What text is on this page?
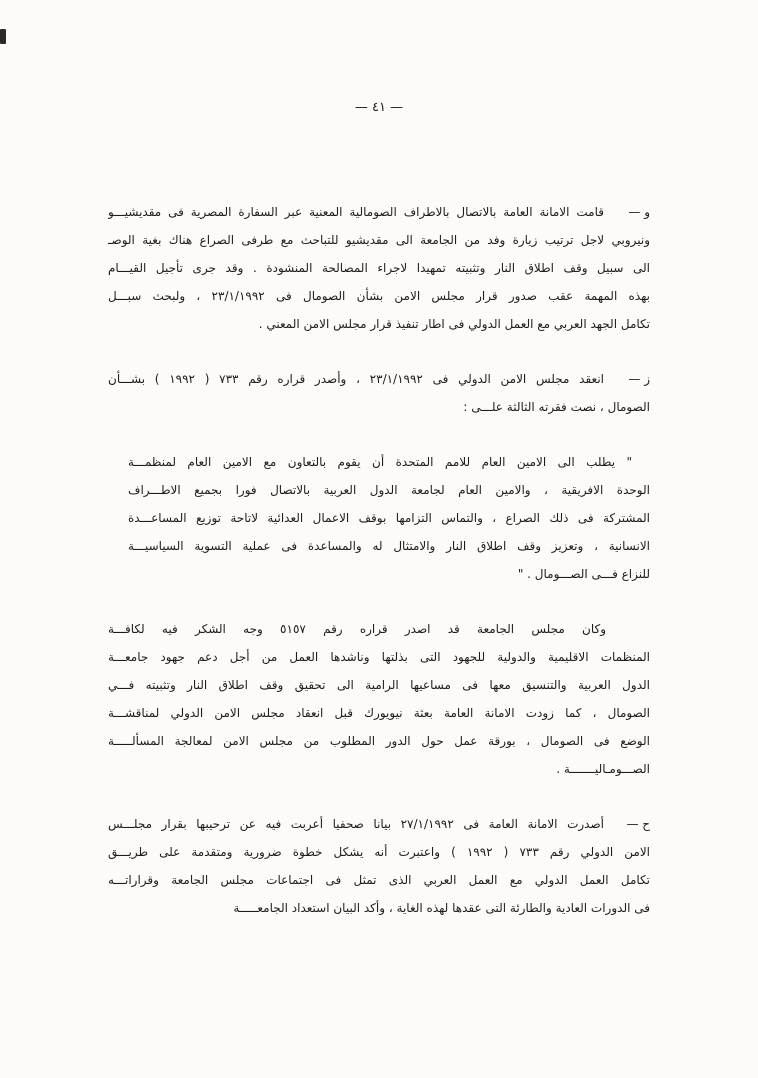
— ٤١ —
و —
قامت الامانة العامة بالاتصال بالاطراف الصومالية المعنية عبر السفارة المصرية فى مقديشيـــو
ونيروبي لاجل ترتيب زيارة وفد من الجامعة الى مقديشيو للتباحث مع طرفى الصراع هناك بغية الوصـ
الى سبيل وقف اطلاق النار وتثبيته تمهيدا لاجراء المصالحة المنشودة . وقد جرى تأجيل القيـــام
بهذه المهمة عقب صدور قرار مجلس الامن بشأن الصومال فى ٢٣/١/١٩٩٢ ، ولبحث سبـــل
تكامل الجهد العربي مع العمل الدولي فى اطار تنفيذ قرار مجلس الامن المعني .
ز —
انعقد مجلس الامن الدولي فى ٢٣/١/١٩٩٢ ، وأصدر قراره رقم ٧٣٣ ( ١٩٩٢ ) بشـــأن
الصومال ، نصت فقرته الثالثة علـــى :
" يطلب الى الامين العام للامم المتحدة أن يقوم بالتعاون مع الامين العام لمنظمـــة
الوحدة الافريقية ، والامين العام لجامعة الدول العربية بالاتصال فورا بجميع الاطـــراف
المشتركة فى ذلك الصراع ، والتماس التزامها بوقف الاعمال العدائية لاتاحة توزيع المساعـــدة
الانسانية ، وتعزيز وقف اطلاق النار والامتثال له والمساعدة فى عملية التسوية السياسيـــة
للنزاع فـــى الصـــومال . "
وكان مجلس الجامعة قد اصدر قراره رقم ٥١٥٧ وجه الشكر فيه لكافـــة
المنظمات الاقليمية والدولية للجهود التى بذلتها وناشدها العمل من أجل دعم جهود جامعـــة
الدول العربية والتنسيق معها فى مساعيها الرامية الى تحقيق وقف اطلاق النار وتثبيته فـــي
الصومال ، كما زودت الامانة العامة بعثة نيويورك قبل انعقاد مجلس الامن الدولي لمناقشـــة
الوضع فى الصومال ، بورقة عمل حول الدور المطلوب من مجلس الامن لمعالجة المسألـــــة
الصـــومـاليـــــــة .
ح —
أصدرت الامانة العامة فى ٢٧/١/١٩٩٢ بيانا صحفيا أعربت فيه عن ترحيبها بقرار مجلـــس
الامن الدولي رقم ٧٣٣ ( ١٩٩٢ ) واعتبرت أنه يشكل خطوة ضرورية ومتقدمة على طريـــق
تكامل العمل الدولي مع العمل العربي الذى تمثل فى اجتماعات مجلس الجامعة وقراراتـــه
فى الدورات العادية والطارئة التى عقدها لهذه الغاية ، وأكد البيان استعداد الجامعـــــة
